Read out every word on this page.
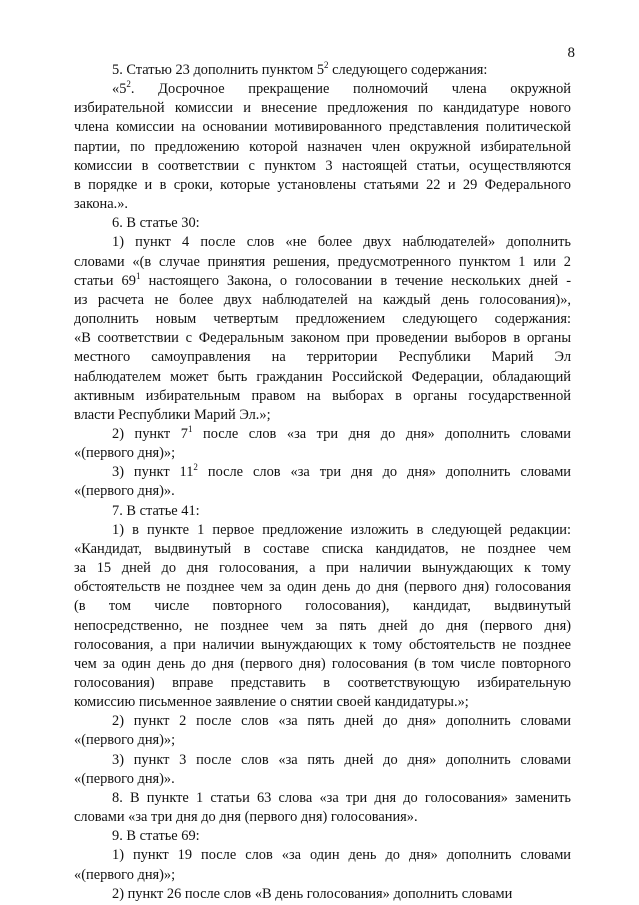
8

5. Статью 23 дополнить пунктом $5^2$ следующего содержания:

«$5^2$. Досрочное прекращение полномочий члена окружной

избирательной комиссии и внесение предложения по кандидатуре нового

члена комиссии на основании мотивированного представления политической

партии, по предложению которой назначен член окружной избирательной

комиссии в соответствии с пунктом 3 настоящей статьи, осуществляются

в порядке и в сроки, которые установлены статьями 22 и 29 Федерального

закона.».

6. В статье 30:

1) пункт 4 после слов «не более двух наблюдателей» дополнить

словами «(в случае принятия решения, предусмотренного пунктом 1 или 2

статьи $69^1$ настоящего Закона, о голосовании в течение нескольких дней -

из расчета не более двух наблюдателей на каждый день голосования)»,

дополнить новым четвертым предложением следующего содержания:

«В соответствии с Федеральным законом при проведении выборов в органы

местного самоуправления на территории Республики Марий Эл

наблюдателем может быть гражданин Российской Федерации, обладающий

активным избирательным правом на выборах в органы государственной

власти Республики Марий Эл.»;

2) пункт $7^1$ после слов «за три дня до дня» дополнить словами

«(первого дня)»;

3) пункт $11^2$ после слов «за три дня до дня» дополнить словами

«(первого дня)».

7. В статье 41:

1) в пункте 1 первое предложение изложить в следующей редакции:

«Кандидат, выдвинутый в составе списка кандидатов, не позднее чем

за 15 дней до дня голосования, а при наличии вынуждающих к тому

обстоятельств не позднее чем за один день до дня (первого дня) голосования

(в том числе повторного голосования), кандидат, выдвинутый

непосредственно, не позднее чем за пять дней до дня (первого дня)

голосования, а при наличии вынуждающих к тому обстоятельств не позднее

чем за один день до дня (первого дня) голосования (в том числе повторного

голосования) вправе представить в соответствующую избирательную

комиссию письменное заявление о снятии своей кандидатуры.»;

2) пункт 2 после слов «за пять дней до дня» дополнить словами

«(первого дня)»;

3) пункт 3 после слов «за пять дней до дня» дополнить словами

«(первого дня)».

8. В пункте 1 статьи 63 слова «за три дня до голосования» заменить

словами «за три дня до дня (первого дня) голосования».

9. В статье 69:

1) пункт 19 после слов «за один день до дня» дополнить словами

«(первого дня)»;

2) пункт 26 после слов «В день голосования» дополнить словами
